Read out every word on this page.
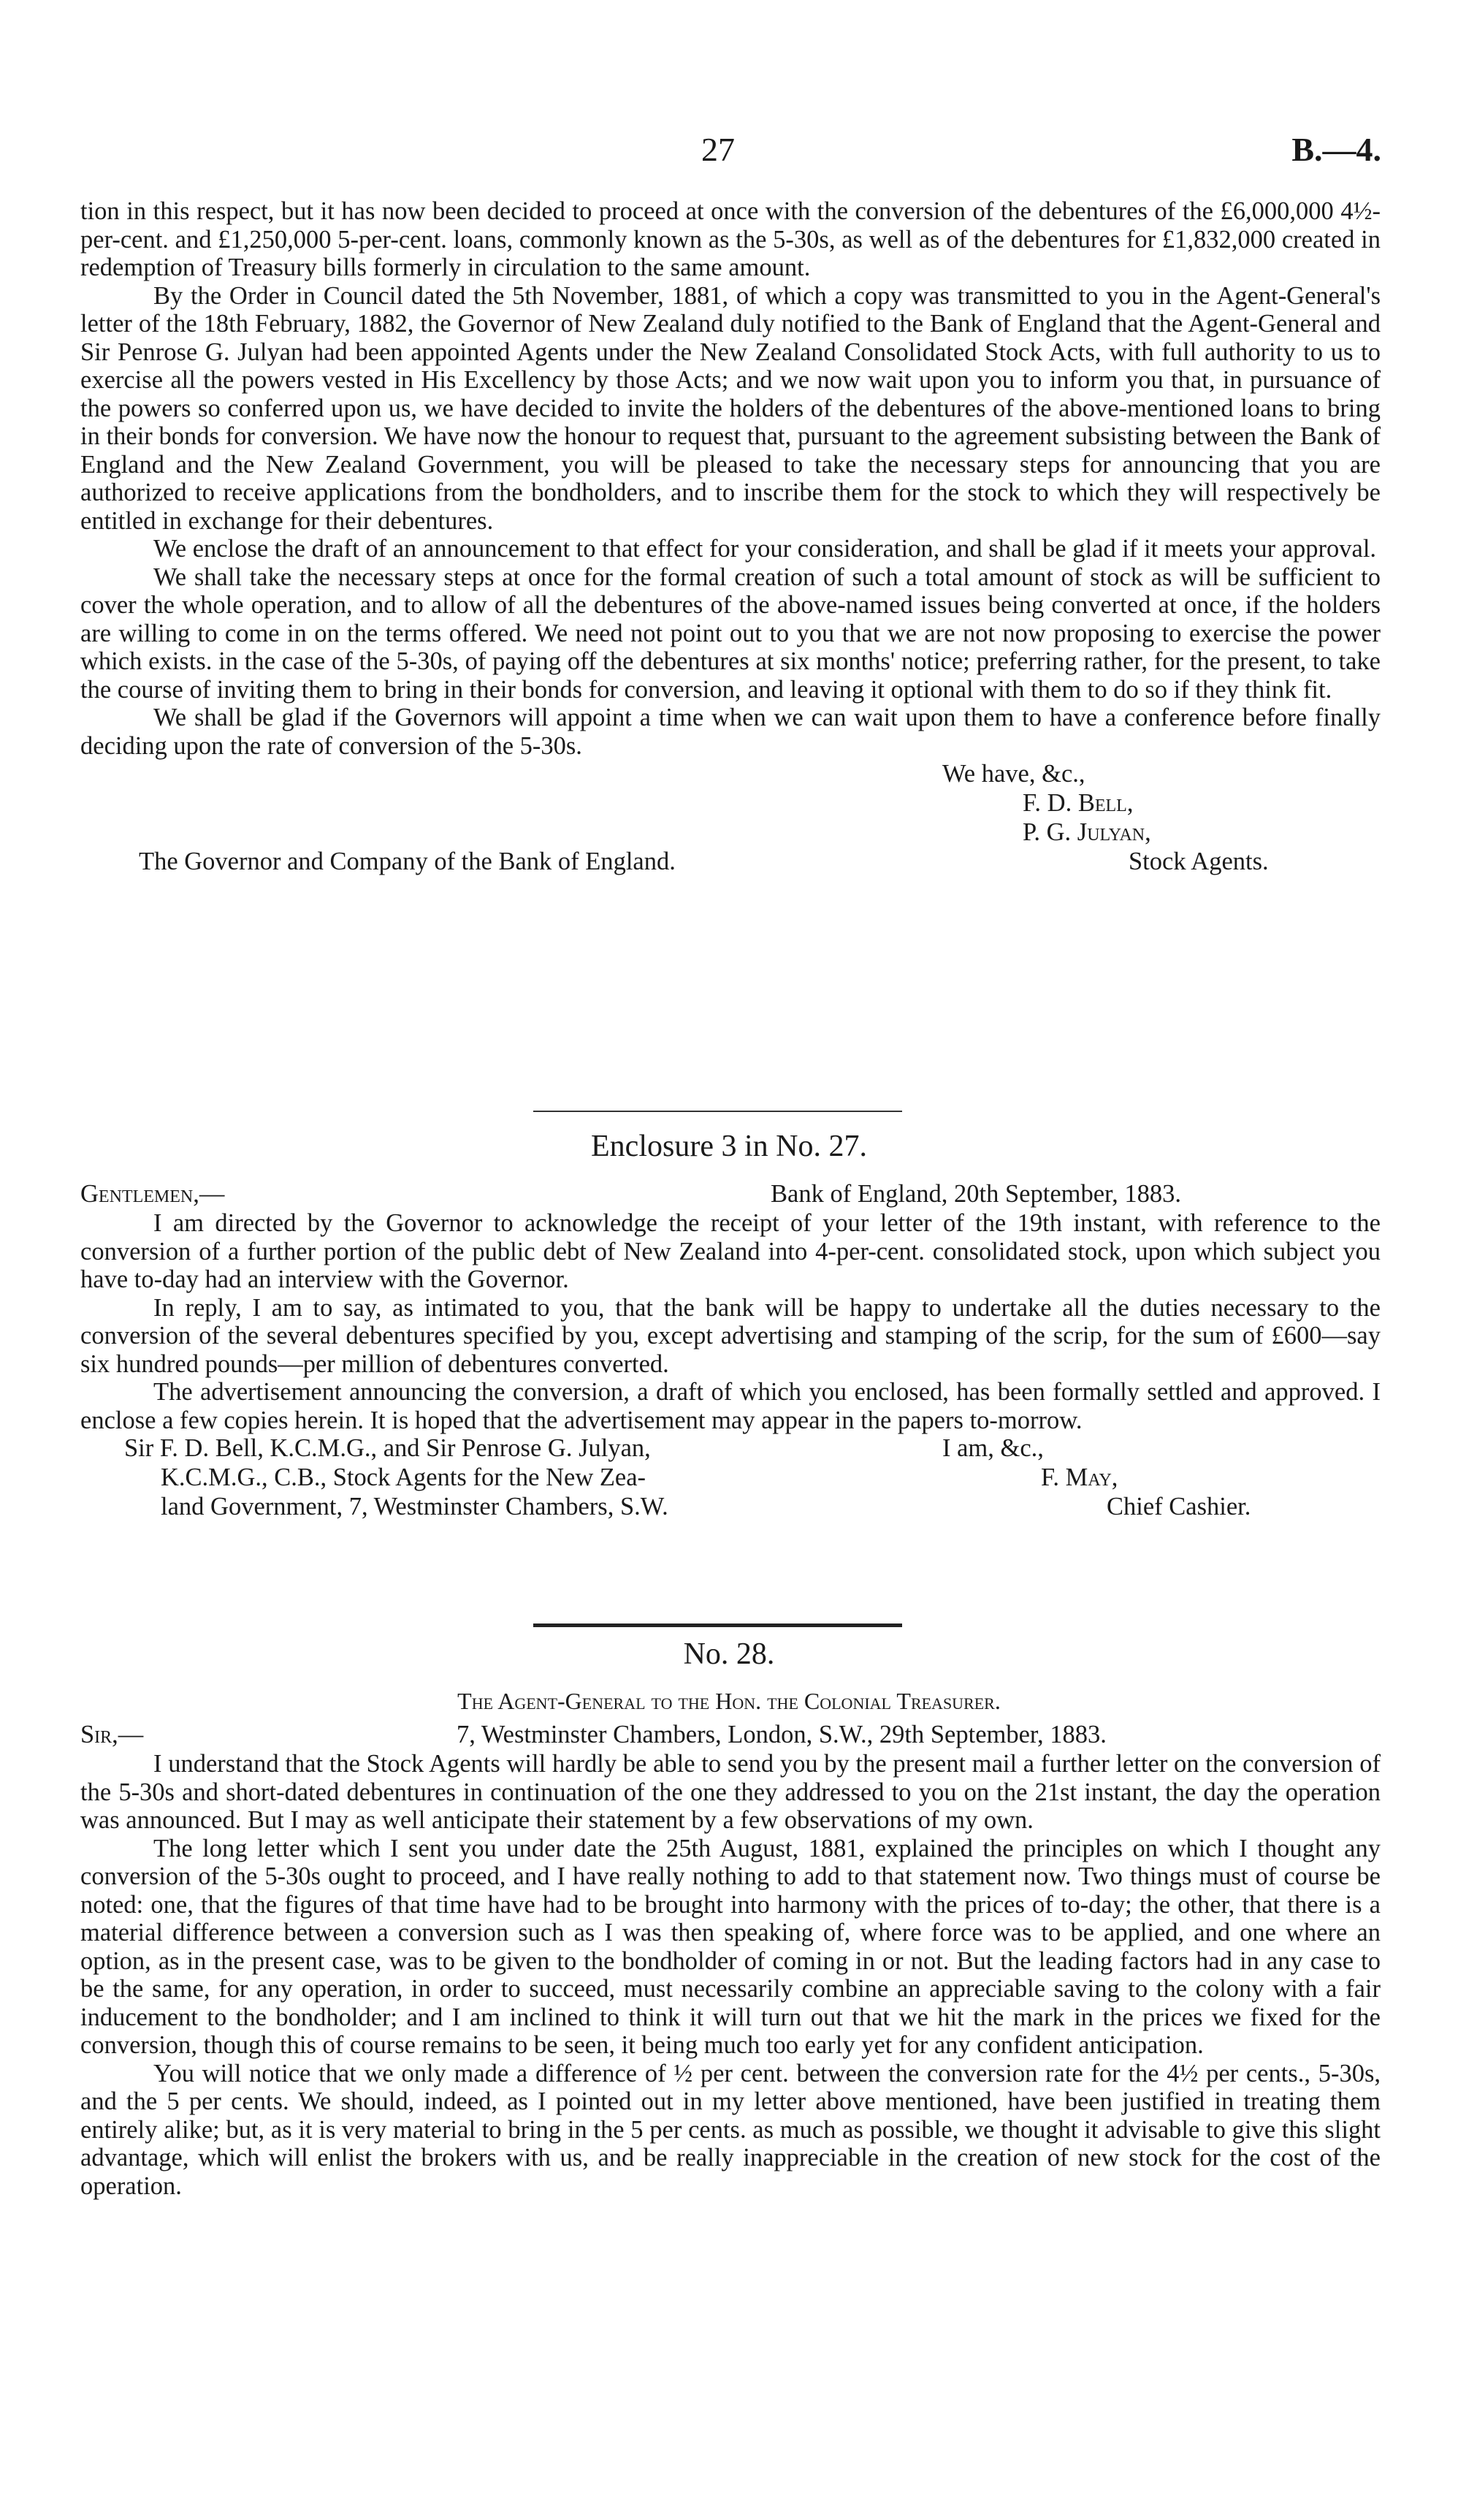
27	B.—4.

tion in this respect, but it has now been decided to proceed at once with the conversion of the debentures of the £6,000,000 4½-per-cent. and £1,250,000 5-per-cent. loans, commonly known as the 5-30s, as well as of the debentures for £1,832,000 created in redemption of Treasury bills formerly in circulation to the same amount.

By the Order in Council dated the 5th November, 1881, of which a copy was transmitted to you in the Agent-General's letter of the 18th February, 1882, the Governor of New Zealand duly notified to the Bank of England that the Agent-General and Sir Penrose G. Julyan had been appointed Agents under the New Zealand Consolidated Stock Acts, with full authority to us to exercise all the powers vested in His Excellency by those Acts; and we now wait upon you to inform you that, in pursuance of the powers so conferred upon us, we have decided to invite the holders of the debentures of the above-mentioned loans to bring in their bonds for conversion. We have now the honour to request that, pursuant to the agreement subsisting between the Bank of England and the New Zealand Government, you will be pleased to take the necessary steps for announcing that you are authorized to receive applications from the bondholders, and to inscribe them for the stock to which they will respectively be entitled in exchange for their debentures.

We enclose the draft of an announcement to that effect for your consideration, and shall be glad if it meets your approval.

We shall take the necessary steps at once for the formal creation of such a total amount of stock as will be sufficient to cover the whole operation, and to allow of all the debentures of the above-named issues being converted at once, if the holders are willing to come in on the terms offered. We need not point out to you that we are not now proposing to exercise the power which exists. in the case of the 5-30s, of paying off the debentures at six months' notice; preferring rather, for the present, to take the course of inviting them to bring in their bonds for conversion, and leaving it optional with them to do so if they think fit.

We shall be glad if the Governors will appoint a time when we can wait upon them to have a conference before finally deciding upon the rate of conversion of the 5-30s.

We have, &c.,
F. D. Bell,
P. G. Julyan,
The Governor and Company of the Bank of England.	Stock Agents.
Enclosure 3 in No. 27.
Gentlemen,—	Bank of England, 20th September, 1883.

I am directed by the Governor to acknowledge the receipt of your letter of the 19th instant, with reference to the conversion of a further portion of the public debt of New Zealand into 4-per-cent. consolidated stock, upon which subject you have to-day had an interview with the Governor.

In reply, I am to say, as intimated to you, that the bank will be happy to undertake all the duties necessary to the conversion of the several debentures specified by you, except advertising and stamping of the scrip, for the sum of £600—say six hundred pounds—per million of debentures converted.

The advertisement announcing the conversion, a draft of which you enclosed, has been formally settled and approved. I enclose a few copies herein. It is hoped that the advertisement may appear in the papers to-morrow.

I am, &c.,
F. May,
Chief Cashier.
Sir F. D. Bell, K.C.M.G., and Sir Penrose G. Julyan,
K.C.M.G., C.B., Stock Agents for the New Zea-
land Government, 7, Westminster Chambers, S.W.
No. 28.
The Agent-General to the Hon. the Colonial Treasurer.
Sir,—	7, Westminster Chambers, London, S.W., 29th September, 1883.

I understand that the Stock Agents will hardly be able to send you by the present mail a further letter on the conversion of the 5-30s and short-dated debentures in continuation of the one they addressed to you on the 21st instant, the day the operation was announced. But I may as well anticipate their statement by a few observations of my own.

The long letter which I sent you under date the 25th August, 1881, explained the principles on which I thought any conversion of the 5-30s ought to proceed, and I have really nothing to add to that statement now. Two things must of course be noted: one, that the figures of that time have had to be brought into harmony with the prices of to-day; the other, that there is a material difference between a conversion such as I was then speaking of, where force was to be applied, and one where an option, as in the present case, was to be given to the bondholder of coming in or not. But the leading factors had in any case to be the same, for any operation, in order to succeed, must necessarily combine an appreciable saving to the colony with a fair inducement to the bondholder; and I am inclined to think it will turn out that we hit the mark in the prices we fixed for the conversion, though this of course remains to be seen, it being much too early yet for any confident anticipation.

You will notice that we only made a difference of ½ per cent. between the conversion rate for the 4½ per cents., 5-30s, and the 5 per cents. We should, indeed, as I pointed out in my letter above mentioned, have been justified in treating them entirely alike; but, as it is very material to bring in the 5 per cents. as much as possible, we thought it advisable to give this slight advantage, which will enlist the brokers with us, and be really inappreciable in the creation of new stock for the cost of the operation.
